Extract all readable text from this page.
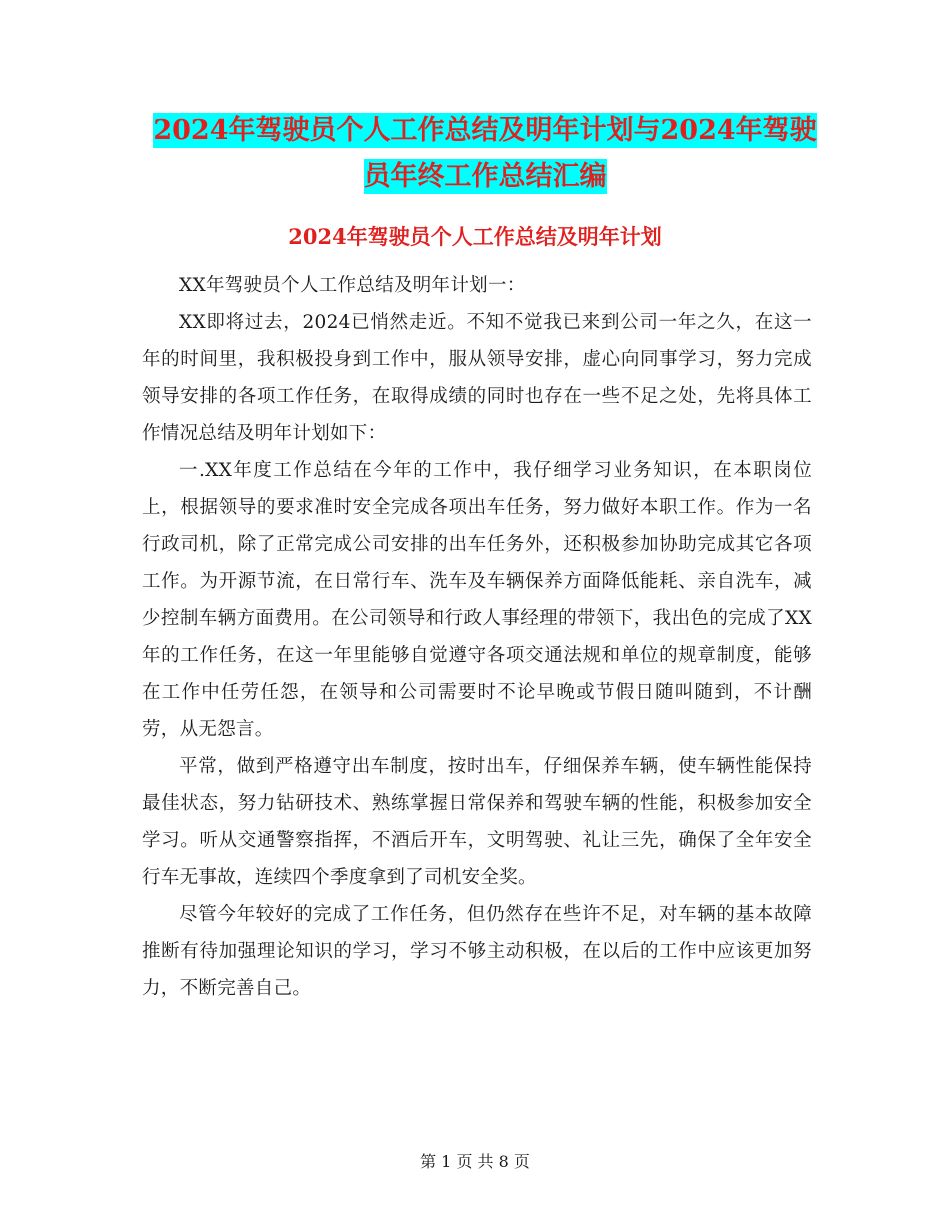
2024年驾驶员个人工作总结及明年计划与2024年驾驶
员年终工作总结汇编
2024年驾驶员个人工作总结及明年计划

XX年驾驶员个人工作总结及明年计划一：

XX即将过去，2024已悄然走近。不知不觉我已来到公司一年之久，在这一年的时间里，我积极投身到工作中，服从领导安排，虚心向同事学习，努力完成领导安排的各项工作任务，在取得成绩的同时也存在一些不足之处，先将具体工作情况总结及明年计划如下：

一.XX年度工作总结在今年的工作中，我仔细学习业务知识，在本职岗位上，根据领导的要求准时安全完成各项出车任务，努力做好本职工作。作为一名行政司机，除了正常完成公司安排的出车任务外，还积极参加协助完成其它各项工作。为开源节流，在日常行车、洗车及车辆保养方面降低能耗、亲自洗车，减少控制车辆方面费用。在公司领导和行政人事经理的带领下，我出色的完成了XX年的工作任务，在这一年里能够自觉遵守各项交通法规和单位的规章制度，能够在工作中任劳任怨，在领导和公司需要时不论早晚或节假日随叫随到，不计酬劳，从无怨言。

平常，做到严格遵守出车制度，按时出车，仔细保养车辆，使车辆性能保持最佳状态，努力钻研技术、熟练掌握日常保养和驾驶车辆的性能，积极参加安全学习。听从交通警察指挥，不酒后开车，文明驾驶、礼让三先，确保了全年安全行车无事故，连续四个季度拿到了司机安全奖。

尽管今年较好的完成了工作任务，但仍然存在些许不足，对车辆的基本故障推断有待加强理论知识的学习，学习不够主动积极，在以后的工作中应该更加努力，不断完善自己。

第 1 页 共 8 页
